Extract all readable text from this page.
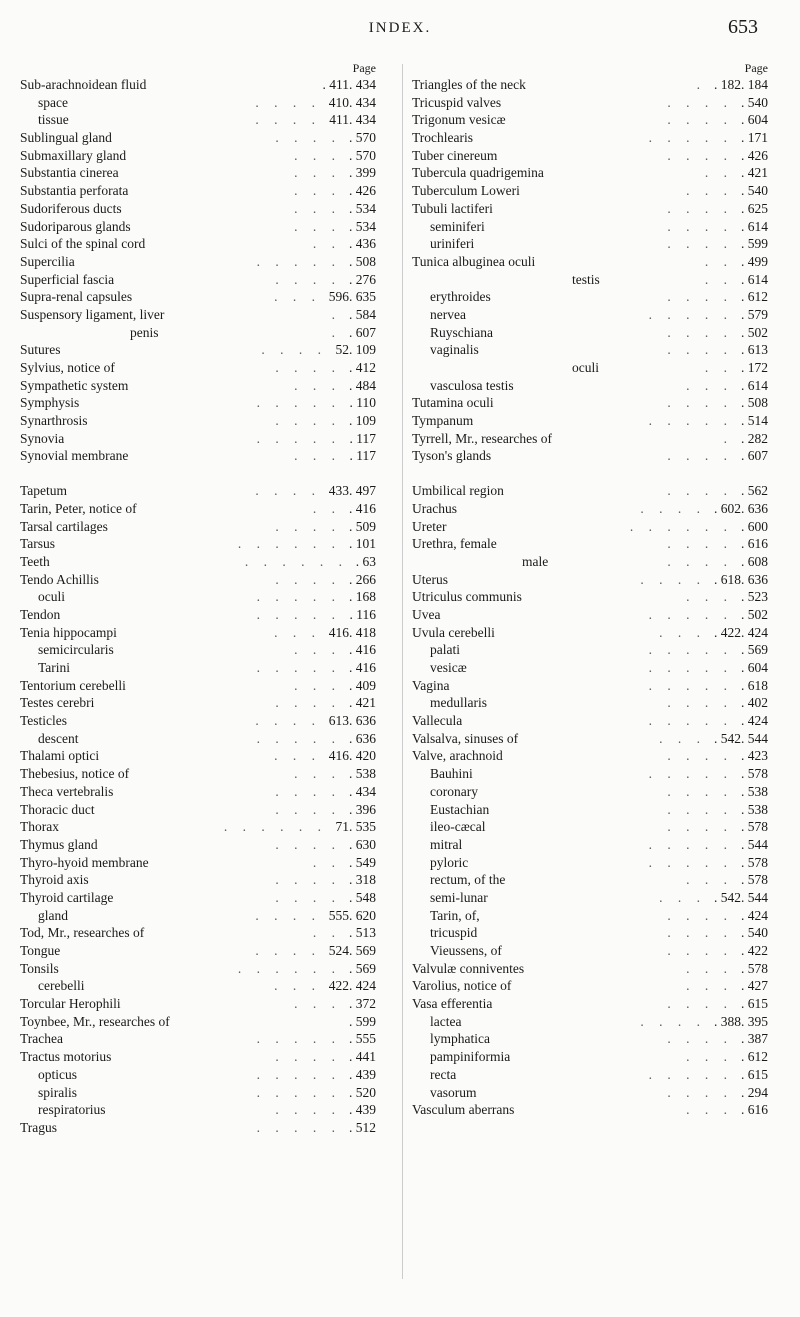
INDEX.	653
Page
Sub-arachnoidean fluid	. 411. 434
space	. . . . 410. 434
tissue	. . . . 411. 434
Sublingual gland	. . . . . 570
Submaxillary gland	. . . . 570
Substantia cinerea	. . . . 399
Substantia perforata	. . . . 426
Sudoriferous ducts	. . . . 534
Sudoriparous glands	. . . . 534
Sulci of the spinal cord	. . . 436
Supercilia	. . . . . . 508
Superficial fascia	. . . . . 276
Supra-renal capsules	. . . 596. 635
Suspensory ligament, liver	. . 584
penis	. . 607
Sutures	. . . . 52. 109
Sylvius, notice of	. . . . . 412
Sympathetic system	. . . . 484
Symphysis	. . . . . . 110
Synarthrosis	. . . . . 109
Synovia	. . . . . . 117
Synovial membrane	. . . . 117
Tapetum	. . . . 433. 497
Tarin, Peter, notice of	. . . 416
Tarsal cartilages	. . . . . 509
Tarsus	. . . . . . . 101
Teeth	. . . . . . . 63
Tendo Achillis	. . . . . 266
oculi	. . . . . . 168
Tendon	. . . . . . 116
Tenia hippocampi	. . . 416. 418
semicircularis	. . . . 416
Tarini	. . . . . . 416
Tentorium cerebelli	. . . . 409
Testes cerebri	. . . . . 421
Testicles	. . . . 613. 636
descent	. . . . . . 636
Thalami optici	. . . 416. 420
Thebesius, notice of	. . . . 538
Theca vertebralis	. . . . . 434
Thoracic duct	. . . . . 396
Thorax	. . . . . . 71. 535
Thymus gland	. . . . . 630
Thyro-hyoid membrane	. . . 549
Thyroid axis	. . . . . 318
Thyroid cartilage	. . . . . 548
gland	. . . . 555. 620
Tod, Mr., researches of	. . . 513
Tongue	. . . . 524. 569
Tonsils	. . . . . . . 569
cerebelli	. . . 422. 424
Torcular Herophili	. . . . 372
Toynbee, Mr., researches of	. 599
Trachea	. . . . . . 555
Tractus motorius	. . . . . 441
opticus	. . . . . . 439
spiralis	. . . . . . 520
respiratorius	. . . . . 439
Tragus	. . . . . . 512
Page
Triangles of the neck	. . 182. 184
Tricuspid valves	. . . . . 540
Trigonum vesicæ	. . . . . 604
Trochlearis	. . . . . . 171
Tuber cinereum	. . . . . 426
Tubercula quadrigemina	. . . 421
Tuberculum Loweri	. . . . 540
Tubuli lactiferi	. . . . . 625
seminiferi	. . . . . 614
uriniferi	. . . . . 599
Tunica albuginea oculi	. . . 499
testis	. . . 614
erythroides	. . . . . 612
nervea	. . . . . . 579
Ruyschiana	. . . . . 502
vaginalis	. . . . . 613
oculi	. . . 172
vasculosa testis	. . . . 614
Tutamina oculi	. . . . . 508
Tympanum	. . . . . . 514
Tyrrell, Mr., researches of	. . 282
Tyson's glands	. . . . . 607
Umbilical region	. . . . . 562
Urachus	. . . . . 602. 636
Ureter	. . . . . . . 600
Urethra, female	. . . . . 616
male	. . . . . 608
Uterus	. . . . . 618. 636
Utriculus communis	. . . . 523
Uvea	. . . . . . 502
Uvula cerebelli	. . . . 422. 424
palati	. . . . . . 569
vesicæ	. . . . . . 604
Vagina	. . . . . . 618
medullaris	. . . . . 402
Vallecula	. . . . . . 424
Valsalva, sinuses of	. . . . 542. 544
Valve, arachnoid	. . . . . 423
Bauhini	. . . . . . 578
coronary	. . . . . 538
Eustachian	. . . . . 538
ileo-cæcal	. . . . . 578
mitral	. . . . . . 544
pyloric	. . . . . . 578
rectum, of the	. . . . 578
semi-lunar	. . . . 542. 544
Tarin, of,	. . . . . 424
tricuspid	. . . . . 540
Vieussens, of	. . . . . 422
Valvulæ conniventes	. . . . 578
Varolius, notice of	. . . . 427
Vasa efferentia	. . . . . 615
lactea	. . . . . 388. 395
lymphatica	. . . . . 387
pampiniformia	. . . . 612
recta	. . . . . . 615
vasorum	. . . . . 294
Vasculum aberrans	. . . . 616
